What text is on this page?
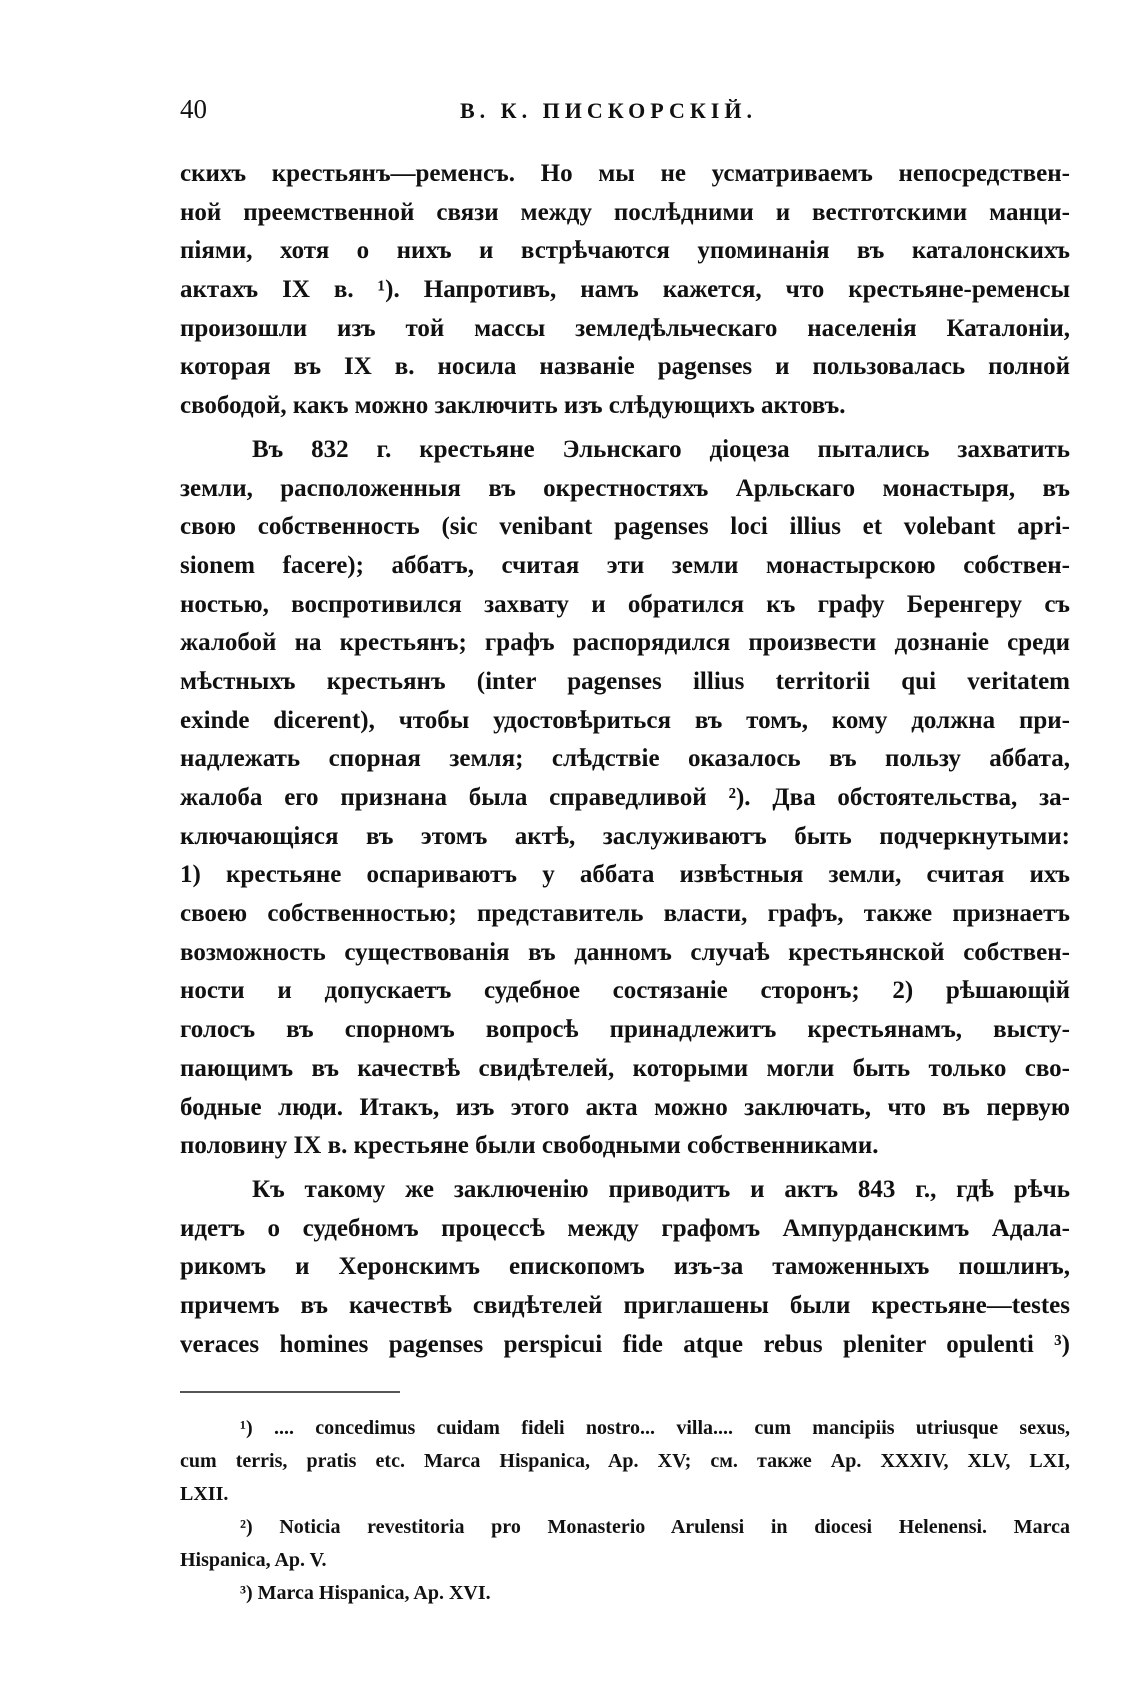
40	В. К. ПИСКОРСКІЙ.
скихъ крестьянъ—ременсъ. Но мы не усматриваемъ непосредствен-
ной преемственной связи между послѣдними и вестготскими манци-
піями, хотя о нихъ и встрѣчаются упоминанія въ каталонскихъ
актахъ IX в. ¹). Напротивъ, намъ кажется, что крестьяне-ременсы
произошли изъ той массы земледѣльческаго населенія Каталоніи,
которая въ IX в. носила названіе pagenses и пользовалась полной
свободой, какъ можно заключить изъ слѣдующихъ актовъ.
Въ 832 г. крестьяне Эльнскаго діоцеза пытались захватить
земли, расположенныя въ окрестностяхъ Арльскаго монастыря, въ
свою собственность (sic venibant pagenses loci illius et volebant aprі-
sionem facere); аббатъ, считая эти земли монастырскою собствен-
ностью, воспротивился захвату и обратился къ графу Беренгеру съ
жалобой на крестьянъ; графъ распорядился произвести дознаніе среди
мѣстныхъ крестьянъ (inter pagenses illius territorii qui veritatem
exinde dicerent), чтобы удостовѣриться въ томъ, кому должна при-
надлежать спорная земля; слѣдствіе оказалось въ пользу аббата,
жалоба его признана была справедливой ²). Два обстоятельства, за-
ключающіяся въ этомъ актѣ, заслуживаютъ быть подчеркнутыми:
1) крестьяне оспариваютъ у аббата извѣстныя земли, считая ихъ
своею собственностью; представитель власти, графъ, также признаетъ
возможность существованія въ данномъ случаѣ крестьянской собствен-
ности и допускаетъ судебное состязаніе сторонъ; 2) рѣшающій
голосъ въ спорномъ вопросѣ принадлежитъ крестьянамъ, высту-
пающимъ въ качествѣ свидѣтелей, которыми могли быть только сво-
бодные люди. Итакъ, изъ этого акта можно заключать, что въ первую
половину IX в. крестьяне были свободными собственниками.
Къ такому же заключенію приводитъ и актъ 843 г., гдѣ рѣчь
идетъ о судебномъ процессѣ между графомъ Ампурданскимъ Адала-
рикомъ и Херонскимъ епископомъ изъ-за таможенныхъ пошлинъ,
причемъ въ качествѣ свидѣтелей приглашены были крестьяне—testes
veraces homines pagenses perspicui fide atque rebus pleniter opulenti ³)
¹) .... concedimus cuidam fideli nostro... villa.... cum mancipiis utriusque sexus,
cum terris, pratis etc. Marca Hispanica, Ap. XV; см. также Ap. XXXIV, XLV, LXI,
LXII.
²) Noticia revestitoria pro Monasterio Arulensi in diocesi Helenensi. Marca
Hispanica, Ap. V.
³) Marca Hispanica, Ap. XVI.
